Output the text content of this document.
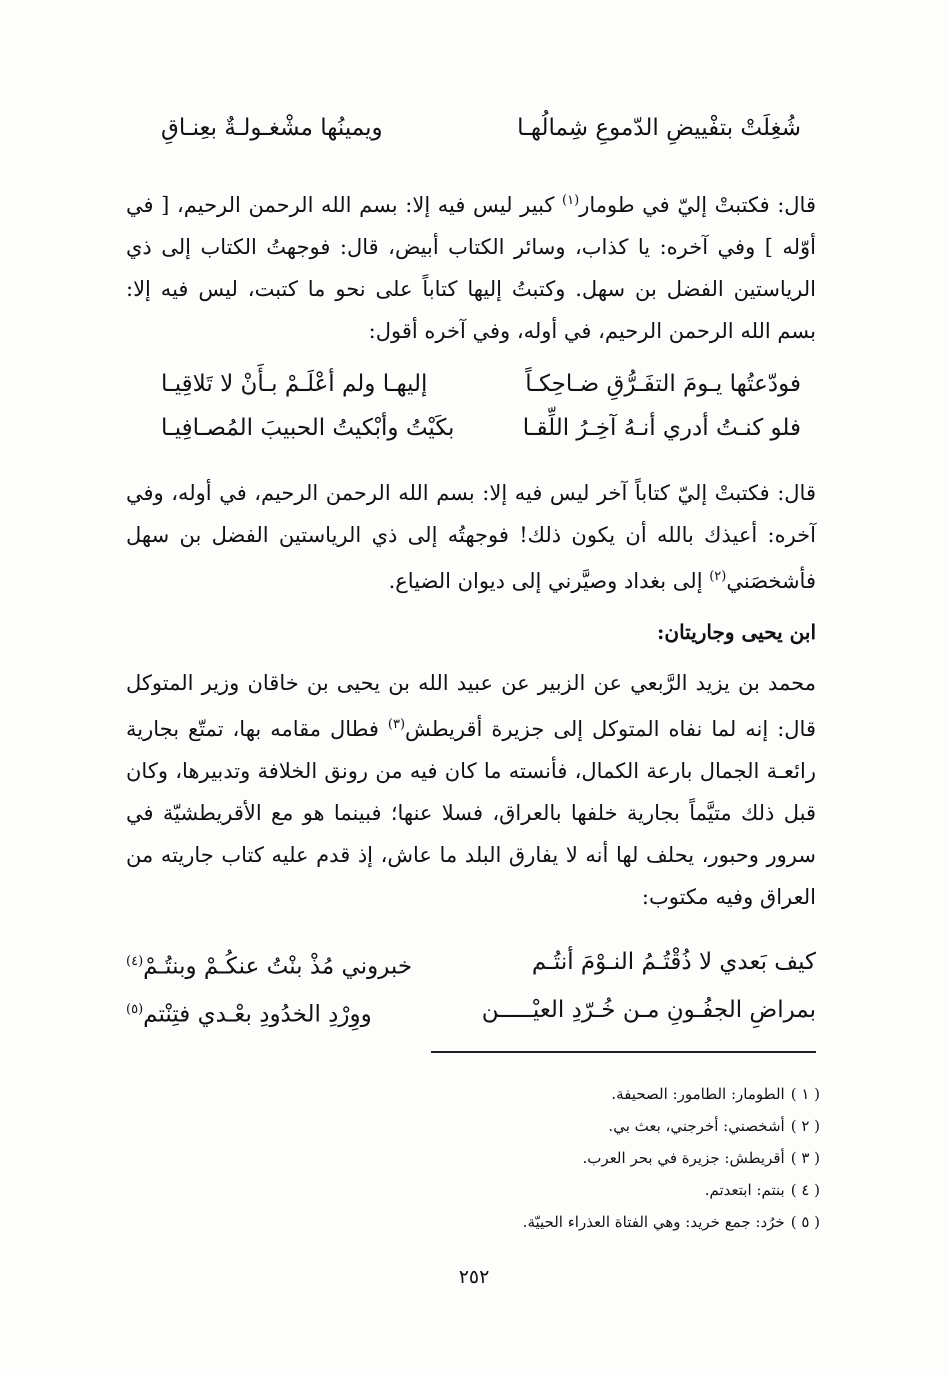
شُغِلَتْ بتفْييضِ الدّموعِ شِمالُهـا
ويمينُها مشْغـولـةٌ بعِنـاقِ

قال: فكتبتْ إليّ في طومار$^{(١)}$ كبير ليس فيه إلا: بسم الله الرحمن الرحيم، [ في أوّله ] وفي آخره: يا كذاب، وسائر الكتاب أبيض، قال: فوجهتُ الكتاب إلى ذي الرياستين الفضل بن سهل. وكتبتُ إليها كتاباً على نحو ما كتبت، ليس فيه إلا: بسم الله الرحمن الرحيم، في أوله، وفي آخره أقول:

فودّعتُها يـومَ التفَـرُّقِ ضـاحِكـاً
إليهـا ولم أعْلَـمْ بـأَنْ لا تَلاقِيـا
فلو كنـتُ أدري أنـهُ آخِـرُ اللِّقـا
بكَيْتُ وأبْكيتُ الحبيبَ المُصـافِيـا

قال: فكتبتْ إليّ كتاباً آخر ليس فيه إلا: بسم الله الرحمن الرحيم، في أوله، وفي آخره: أعيذك بالله أن يكون ذلك! فوجهتُه إلى ذي الرياستين الفضل بن سهل فأشخصَني$^{(٢)}$ إلى بغداد وصيَّرني إلى ديوان الضياع.

ابن يحيى وجاريتان:

محمد بن يزيد الرَّبعي عن الزبير عن عبيد الله بن يحيى بن خاقان وزير المتوكل قال: إنه لما نفاه المتوكل إلى جزيرة أقريطش$^{(٣)}$ فطال مقامه بها، تمتّع بجارية رائعـة الجمال بارعة الكمال، فأنسته ما كان فيه من رونق الخلافة وتدبيرها، وكان قبل ذلك متيَّماً بجارية خلفها بالعراق، فسلا عنها؛ فبينما هو مع الأقريطشيّة في سرور وحبور، يحلف لها أنه لا يفارق البلد ما عاش، إذ قدم عليه كتاب جاريته من العراق وفيه مكتوب:

كيف بَعدي لا ذُقْتُـمُ النـوْمَ أنتُـم
خبروني مُذْ بنْتُ عنكُـمْ وبنتُـمْ$^{(٤)}$
بمراضِ الجفُـونِ مـن خُـرّدِ العيْـــــن
ووِرْدِ الخدُودِ بعْـدي فتِنْتم$^{(٥)}$
( ١ )الطومار: الطامور: الصحيفة.
( ٢ )أشخصني: أخرجني، بعث بي.
( ٣ )أقريطش: جزيرة في بحر العرب.
( ٤ )بنتم: ابتعدتم.
( ٥ )خرُد: جمع خريد: وهي الفتاة العذراء الحييّة.
٢٥٢
